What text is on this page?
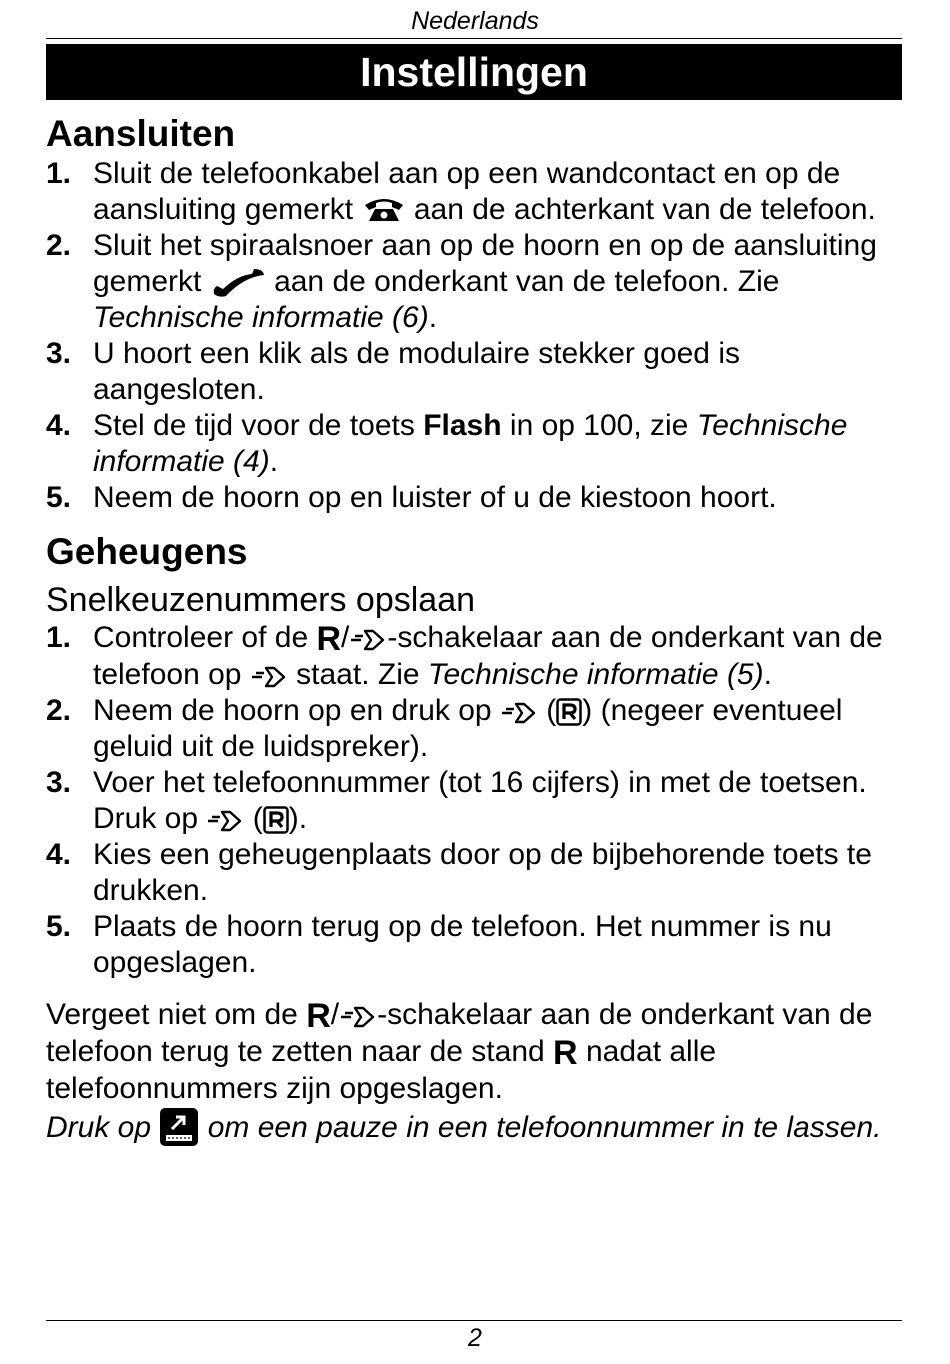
Nederlands
Instellingen
Aansluiten
1. Sluit de telefoonkabel aan op een wandcontact en op de aansluiting gemerkt aan de achterkant van de telefoon.
2. Sluit het spiraalsnoer aan op de hoorn en op de aansluiting gemerkt aan de onderkant van de telefoon. Zie Technische informatie (6).
3. U hoort een klik als de modulaire stekker goed is aangesloten.
4. Stel de tijd voor de toets Flash in op 100, zie Technische informatie (4).
5. Neem de hoorn op en luister of u de kiestoon hoort.
Geheugens
Snelkeuzenummers opslaan
1. Controleer of de R/ -schakelaar aan de onderkant van de telefoon op staat. Zie Technische informatie (5).
2. Neem de hoorn op en druk op ( ) (negeer eventueel geluid uit de luidspreker).
3. Voer het telefoonnummer (tot 16 cijfers) in met de toetsen. Druk op ( ).
4. Kies een geheugenplaats door op de bijbehorende toets te drukken.
5. Plaats de hoorn terug op de telefoon. Het nummer is nu opgeslagen.

Vergeet niet om de R/ -schakelaar aan de onderkant van de telefoon terug te zetten naar de stand R nadat alle telefoonnummers zijn opgeslagen.

Druk op om een pauze in een telefoonnummer in te lassen.

2
